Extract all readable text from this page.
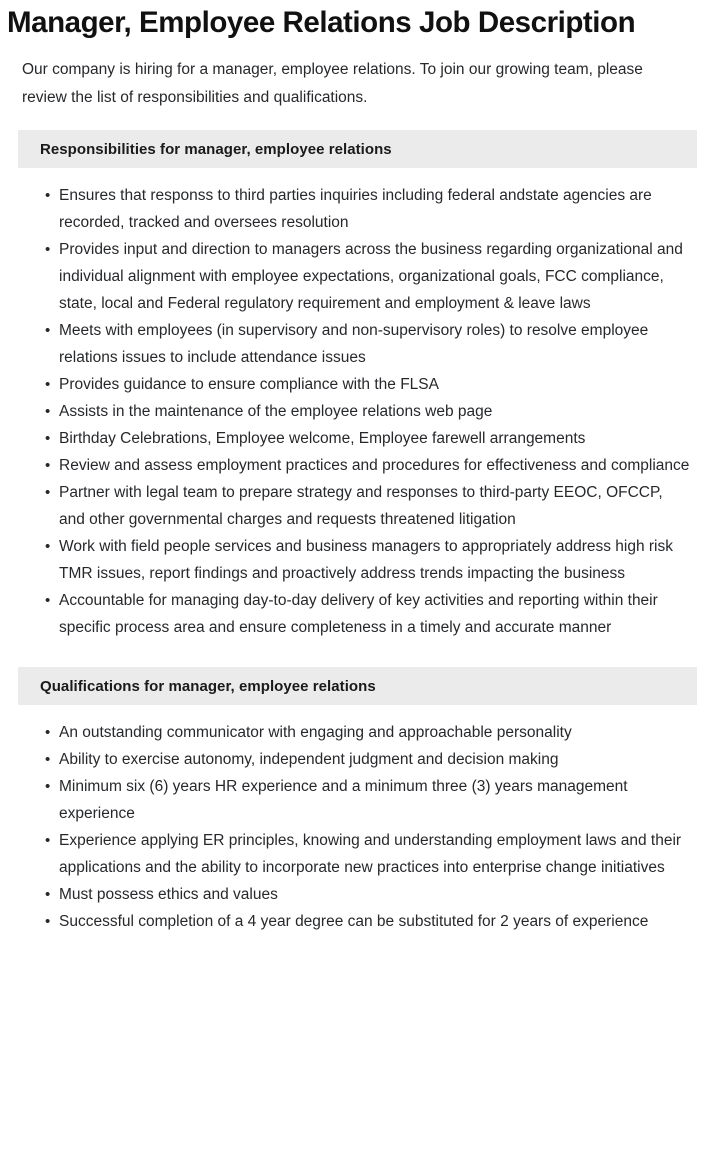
Manager, Employee Relations Job Description

Our company is hiring for a manager, employee relations. To join our growing team, please review the list of responsibilities and qualifications.

Responsibilities for manager, employee relations
• Ensures that responss to third parties inquiries including federal andstate agencies are recorded, tracked and oversees resolution
• Provides input and direction to managers across the business regarding organizational and individual alignment with employee expectations, organizational goals, FCC compliance, state, local and Federal regulatory requirement and employment & leave laws
• Meets with employees (in supervisory and non-supervisory roles) to resolve employee relations issues to include attendance issues
• Provides guidance to ensure compliance with the FLSA
• Assists in the maintenance of the employee relations web page
• Birthday Celebrations, Employee welcome, Employee farewell arrangements
• Review and assess employment practices and procedures for effectiveness and compliance
• Partner with legal team to prepare strategy and responses to third-party EEOC, OFCCP, and other governmental charges and requests threatened litigation
• Work with field people services and business managers to appropriately address high risk TMR issues, report findings and proactively address trends impacting the business
• Accountable for managing day-to-day delivery of key activities and reporting within their specific process area and ensure completeness in a timely and accurate manner
Qualifications for manager, employee relations
• An outstanding communicator with engaging and approachable personality
• Ability to exercise autonomy, independent judgment and decision making
• Minimum six (6) years HR experience and a minimum three (3) years management experience
• Experience applying ER principles, knowing and understanding employment laws and their applications and the ability to incorporate new practices into enterprise change initiatives
• Must possess ethics and values
• Successful completion of a 4 year degree can be substituted for 2 years of experience
